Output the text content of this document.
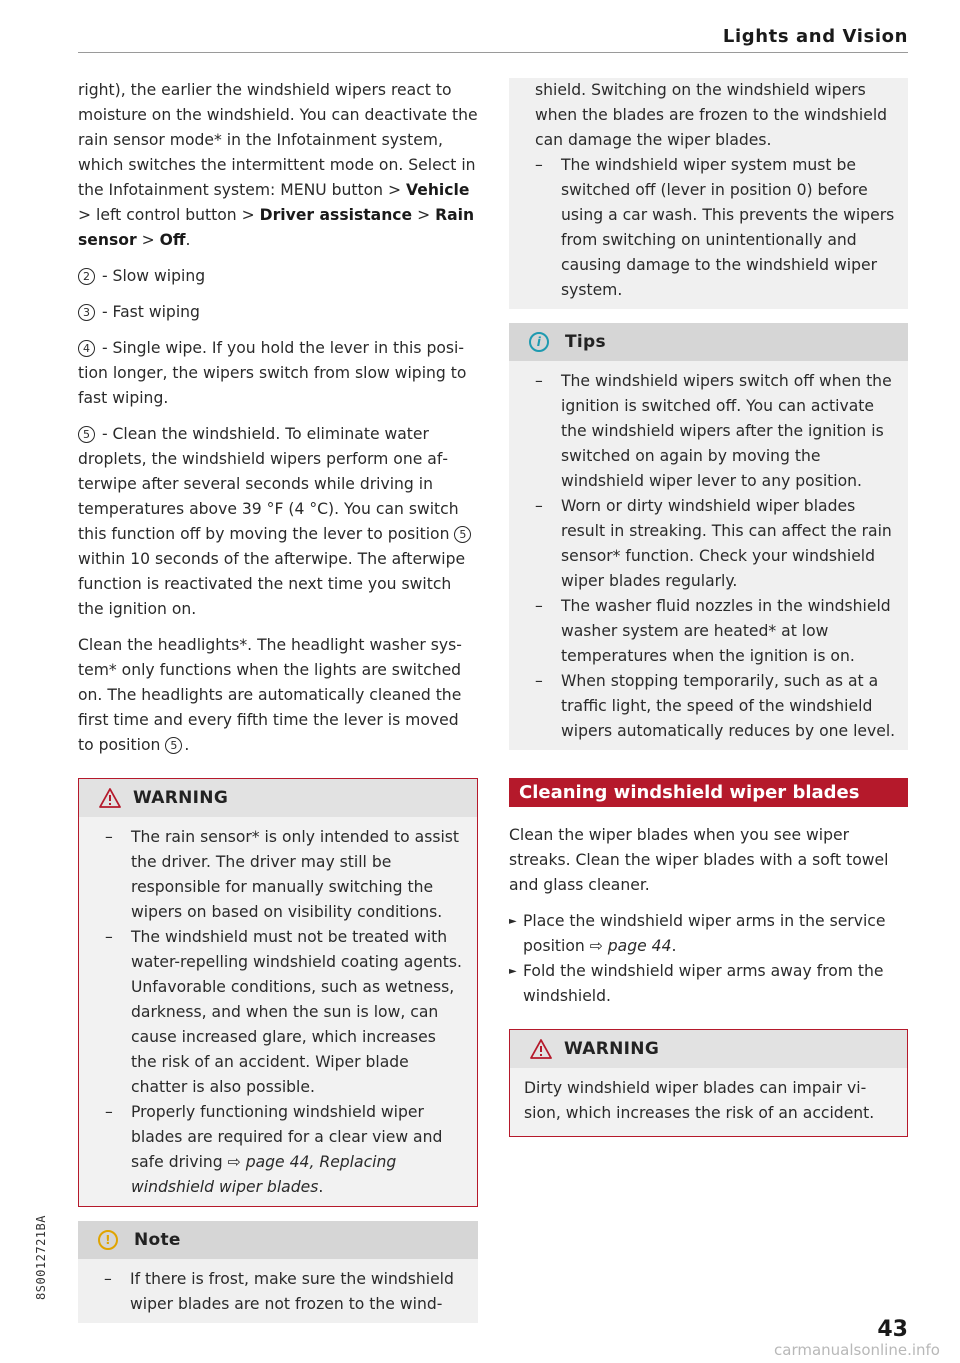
Lights and Vision

right), the earlier the windshield wipers react to moisture on the windshield. You can deactivate the rain sensor mode* in the Infotainment system, which switches the intermittent mode on. Select in the Infotainment system: MENU button > Vehicle > left control button > Driver assistance > Rain sensor > Off.

2 - Slow wiping

3 - Fast wiping

4 - Single wipe. If you hold the lever in this position longer, the wipers switch from slow wiping to fast wiping.

5 - Clean the windshield. To eliminate water droplets, the windshield wipers perform one afterwipe after several seconds while driving in temperatures above 39 °F (4 °C). You can switch this function off by moving the lever to position 5 within 10 seconds of the afterwipe. The afterwipe function is reactivated the next time you switch the ignition on.

Clean the headlights*. The headlight washer system* only functions when the lights are switched on. The headlights are automatically cleaned the first time and every fifth time the lever is moved to position 5 .

WARNING

– The rain sensor* is only intended to assist the driver. The driver may still be responsible for manually switching the wipers on based on visibility conditions.

– The windshield must not be treated with water-repelling windshield coating agents. Unfavorable conditions, such as wetness, darkness, and when the sun is low, can cause increased glare, which increases the risk of an accident. Wiper blade chatter is also possible.

– Properly functioning windshield wiper blades are required for a clear view and safe driving ⇨ page 44, Replacing windshield wiper blades.

!	Note

– If there is frost, make sure the windshield wiper blades are not frozen to the wind-

shield. Switching on the windshield wipers when the blades are frozen to the windshield can damage the wiper blades.

– The windshield wiper system must be switched off (lever in position 0) before using a car wash. This prevents the wipers from switching on unintentionally and causing damage to the windshield wiper system.

i	Tips

– The windshield wipers switch off when the ignition is switched off. You can activate the windshield wipers after the ignition is switched on again by moving the windshield wiper lever to any position.

– Worn or dirty windshield wiper blades result in streaking. This can affect the rain sensor* function. Check your windshield wiper blades regularly.

– The washer fluid nozzles in the windshield washer system are heated* at low temperatures when the ignition is on.

– When stopping temporarily, such as at a traffic light, the speed of the windshield wipers automatically reduces by one level.

Cleaning windshield wiper blades

Clean the wiper blades when you see wiper streaks. Clean the wiper blades with a soft towel and glass cleaner.

► Place the windshield wiper arms in the service position ⇨ page 44.

► Fold the windshield wiper arms away from the windshield.

WARNING

Dirty windshield wiper blades can impair vision, which increases the risk of an accident.

8S0012721BA
43
carmanualsonline.info
